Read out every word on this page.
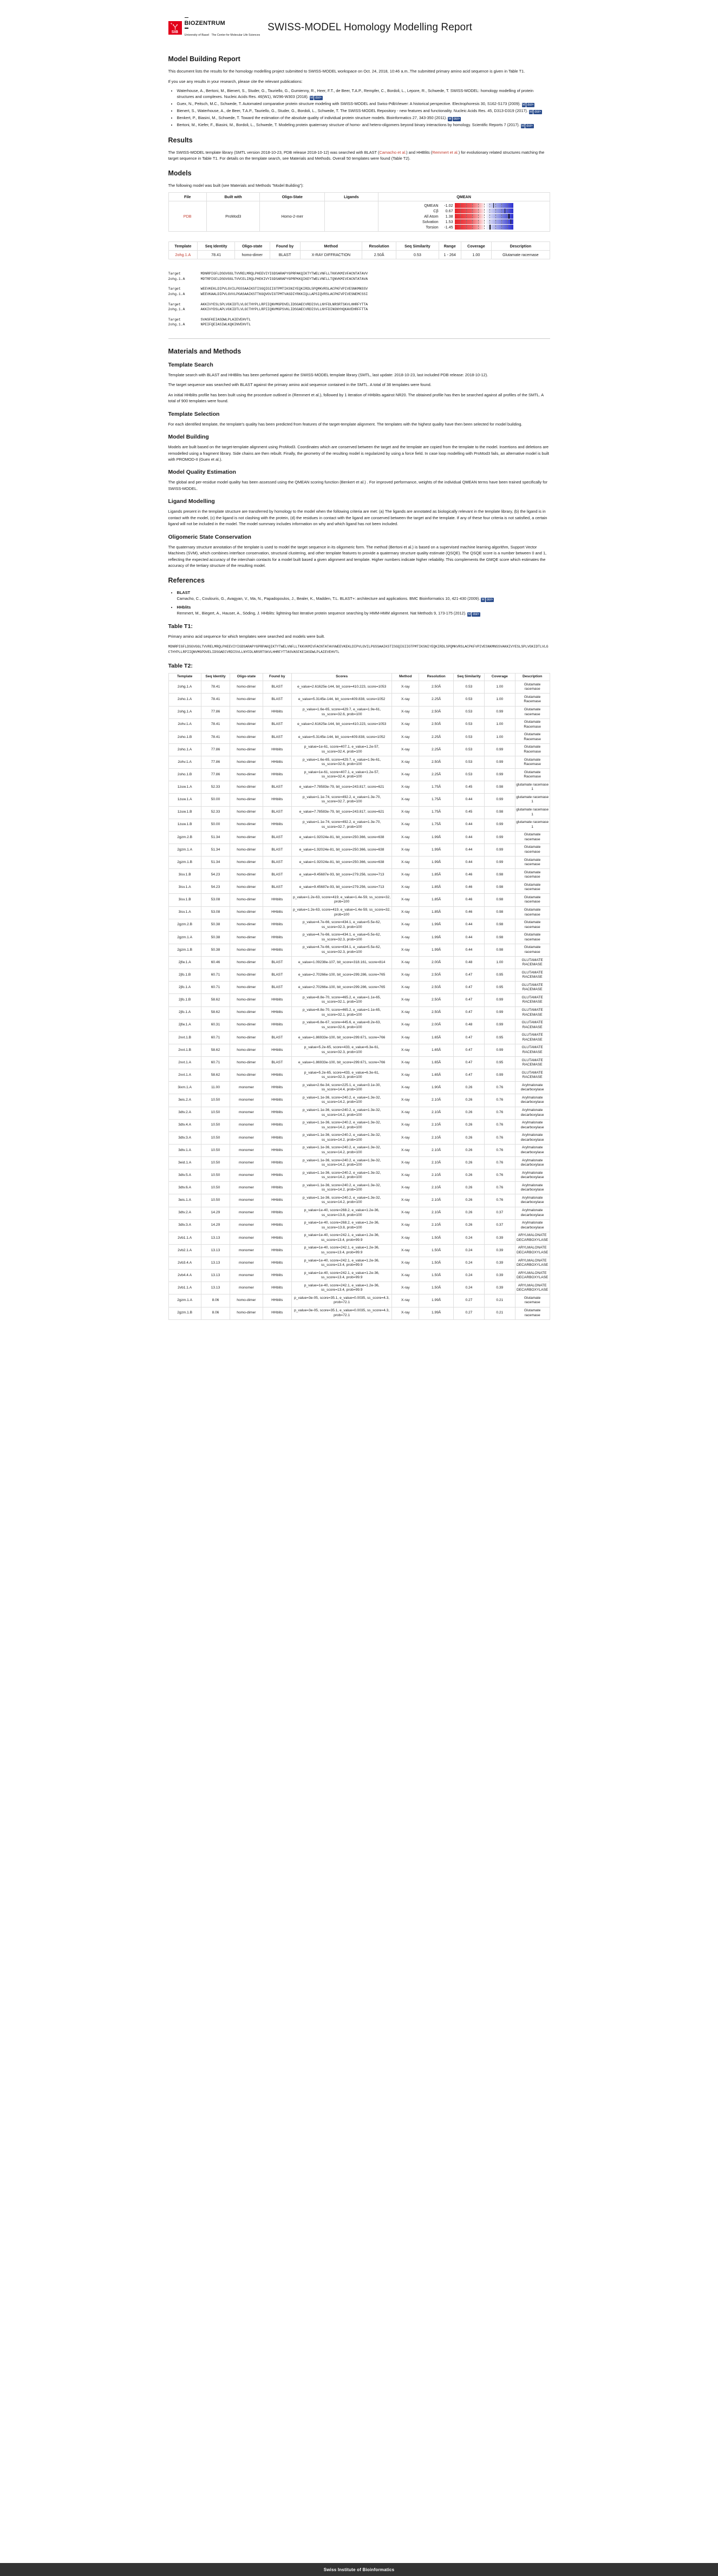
+
SIB
BIOZENTRUM
University of Basel The Center for Molecular Life Sciences
SWISS-MODEL Homology Modelling Report
Model Building Report

This document lists the results for the homology modelling project submitted to SWISS-MODEL workspace on Oct. 24, 2018, 10:46 a.m..The submitted primary amino acid sequence is given in Table T1.

If you use any results in your research, please cite the relevant publications:

• Waterhouse, A., Bertoni, M., Bienert, S., Studer, G., Tauriello, G., Gumienny, R., Heer, F.T., de Beer, T.A.P., Rempfer, C., Bordoli, L., Lepore, R., Schwede, T. SWISS-MODEL: homology modelling of protein structures and complexes. Nucleic Acids Res. 46(W1), W296-W303 (2018). M doi>
• Guex, N., Peitsch, M.C., Schwede, T. Automated comparative protein structure modeling with SWISS-MODEL and Swiss-PdbViewer: A historical perspective. Electrophoresis 30, S162-S173 (2009). M doi>
• Bienert, S., Waterhouse, A., de Beer, T.A.P., Tauriello, G., Studer, G., Bordoli, L., Schwede, T. The SWISS-MODEL Repository - new features and functionality. Nucleic Acids Res. 45, D313-D319 (2017). M doi>
• Benkert, P., Biasini, M., Schwede, T. Toward the estimation of the absolute quality of individual protein structure models. Bioinformatics 27, 343-350 (2011). M doi>
• Bertoni, M., Kiefer, F., Biasini, M., Bordoli, L., Schwede, T. Modeling protein quaternary structure of homo- and hetero-oligomers beyond binary interactions by homology. Scientific Reports 7 (2017). M doi>
Results

The SWISS-MODEL template library (SMTL version 2018-10-23, PDB release 2018-10-12) was searched with BLAST (Camacho et al.) and HHBlits (Remmert et al.) for evolutionary related structures matching the target sequence in Table T1. For details on the template search, see Materials and Methods. Overall 50 templates were found (Table T2).

Models

The following model was built (see Materials and Methods "Model Building"):

File	Built with	Oligo-State	Ligands	QMEAN
PDB	ProMod3	Homo-2-mer		
QMEAN	-1.02
Cβ	0.67
All Atom	1.38
Solvation	1.53
Torsion	-1.45
Template	Seq Identity	Oligo-state	Found by	Method	Resolution	Seq Similarity	Range	Coverage	Description
2ohg.1.A	78.41	homo-dimer	BLAST	X-RAY DIFFRACTION	2.50Å	0.53	1 - 264	1.00	Glutamate racemase
Target	MDNRPIGFLDSGVGGLTVVRELMRQLPHEEVIYIGDSARAPYGPRPAKQIKTYTWELVNFLLTKKVKMIVFACNTATAVV
2ohg.1.A	MDTRPIGFLDSGVGGLTVVCELIRQLPHEKIVYIGDSARAPYGPRPKKQIKEYTWELVNFLLTQNVKMIVFACNTATAVA
Target	WEEVKEKLDIPVLGVILPGSSAAIKSTISGQIGIIGTPMTIKSNIYEQKIRDLSPQMKVRSLACPKFVPIVESNKMNSSV
2ohg.1.A	WEEVKAALDIPVLGVVLPGASAAIKSTTKGQVGVIGTPMTVASDIYRKKIQLLAPSIQVRSLACPKFVPIVESNEMCSSI
Target	AKKIVYESLSPLVGKIDTLVLGCTHYPLLRPIIQNVMGPDVELIDSGAECVRDISVLLNYFDLNRSRTSKVLHHRFYTTA
2ohg.1.A	AKKIVYDSLAPLVGKIDTLVLGCTHYPLLRPIIQNVMGPSVKLIDSGAECVRDISVLLNYFDINGNYHQKAVEHRFFTTA
Target	SVASFKEIASDWLPLAIEVEHVTL
2ohg.1.A	NPEIFQEIASIWLKQKINVEHVTL
Materials and Methods
Template Search

Template search with BLAST and HHBlits has been performed against the SWISS-MODEL template library (SMTL, last update: 2018-10-23, last included PDB release: 2018-10-12).

The target sequence was searched with BLAST against the primary amino acid sequence contained in the SMTL. A total of 38 templates were found.

An initial HHblits profile has been built using the procedure outlined in (Remmert et al.), followed by 1 iteration of HHblits against NR20. The obtained profile has then be searched against all profiles of the SMTL. A total of 900 templates were found.

Template Selection

For each identified template, the template's quality has been predicted from features of the target-template alignment. The templates with the highest quality have then been selected for model building.

Model Building

Models are built based on the target-template alignment using ProMod3. Coordinates which are conserved between the target and the template are copied from the template to the model. Insertions and deletions are remodelled using a fragment library. Side chains are then rebuilt. Finally, the geometry of the resulting model is regularized by using a force field. In case loop modelling with ProMod3 fails, an alternative model is built with PROMOD-II (Guex et al.).

Model Quality Estimation

The global and per-residue model quality has been assessed using the QMEAN scoring function (Benkert et al.) . For improved performance, weights of the individual QMEAN terms have been trained specifically for SWISS-MODEL.

Ligand Modelling

Ligands present in the template structure are transferred by homology to the model when the following criteria are met: (a) The ligands are annotated as biologically relevant in the template library, (b) the ligand is in contact with the model, (c) the ligand is not clashing with the protein, (d) the residues in contact with the ligand are conserved between the target and the template. If any of these four criteria is not satisfied, a certain ligand will not be included in the model. The model summary includes information on why and which ligand has not been included.

Oligomeric State Conservation

The quaternary structure annotation of the template is used to model the target sequence in its oligomeric form. The method (Bertoni et al.) is based on a supervised machine learning algorithm, Support Vector Machines (SVM), which combines interface conservation, structural clustering, and other template features to provide a quaternary structure quality estimate (QSQE). The QSQE score is a number between 0 and 1, reflecting the expected accuracy of the interchain contacts for a model built based a given alignment and template. Higher numbers indicate higher reliability. This complements the GMQE score which estimates the accuracy of the tertiary structure of the resulting model.

References
• BLAST
Camacho, C., Coulouris, G., Avagyan, V., Ma, N., Papadopoulos, J., Bealer, K., Madden, T.L. BLAST+: architecture and applications. BMC Bioinformatics 10, 421-430 (2009). M doi>
• HHblits
Remmert, M., Biegert, A., Hauser, A., Söding, J. HHblits: lightning-fast iterative protein sequence searching by HMM-HMM alignment. Nat Methods 9, 173-175 (2012). M doi>
Table T1:

Primary amino acid sequence for which templates were searched and models were built.

MDNRPIGFLDSGVGGLTVVRELMRQLPHEEVIYIGDSARAPYGPRPAKQIKTYTWELVNFLLTKKVKMIVFACNTATAVVWEEVKEKLDIPVLGVILPGSSAAIKSTISGQIGIIGTPMTIKSNIYEQKIRDLSPQMKVRSLACPKFVPIVESNKMNSSVAKKIVYESLSPLVGKIDTLVLGCTHYPLLRPIIQNVMGPDVELIDSGAECVRDISVLLNYFDLNRSRTSKVLHHRFYTTASVASFKEIASDWLPLAIEVEHVTL
Table T2:
Template	Seq Identity	Oligo-state	Found by	Scores	Method	Resolution	Seq Similarity	Coverage	Description
2ohg.1.A	78.41	homo-dimer	BLAST	e_value=2.61625e-144, bit_score=410.223, score=1053	X-ray	2.50Å	0.53	1.00	Glutamate racemase
2oho.1.A	78.41	homo-dimer	BLAST	e_value=5.3145e-144, bit_score=409.838, score=1052	X-ray	2.25Å	0.53	1.00	Glutamate Racemase
2ohg.1.A	77.86	homo-dimer	HHblits	p_value=1.6e-65, score=429.7, e_value=1.9e-61, ss_score=32.6, prob=100	X-ray	2.50Å	0.53	0.99	Glutamate racemase
2ohv.1.A	78.41	homo-dimer	BLAST	e_value=2.61625e-144, bit_score=410.223, score=1053	X-ray	2.50Å	0.53	1.00	Glutamate Racemase
2oho.1.B	78.41	homo-dimer	BLAST	e_value=5.3145e-144, bit_score=409.838, score=1052	X-ray	2.25Å	0.53	1.00	Glutamate Racemase
2oho.1.A	77.86	homo-dimer	HHblits	p_value=1e-61, score=407.1, e_value=1.2e-57, ss_score=32.4, prob=100	X-ray	2.25Å	0.53	0.99	Glutamate Racemase
2ohv.1.A	77.86	homo-dimer	HHblits	p_value=1.6e-65, score=429.7, e_value=1.9e-61, ss_score=32.6, prob=100	X-ray	2.50Å	0.53	0.99	Glutamate Racemase
2oho.1.B	77.86	homo-dimer	HHblits	p_value=1e-61, score=407.1, e_value=1.2e-57, ss_score=32.4, prob=100	X-ray	2.25Å	0.53	0.99	Glutamate Racemase
1zuw.1.A	52.33	homo-dimer	BLAST	e_value=7.78583e-79, bit_score=243.817, score=621	X-ray	1.75Å	0.45	0.98	glutamate racemase 1
1zuw.1.A	50.00	homo-dimer	HHblits	p_value=1.1e-74, score=492.2, e_value=1.3e-70, ss_score=32.7, prob=100	X-ray	1.75Å	0.44	0.99	glutamate racemase 1
1zuw.1.B	52.33	homo-dimer	BLAST	e_value=7.78583e-79, bit_score=243.817, score=621	X-ray	1.75Å	0.45	0.98	glutamate racemase 1
1zuw.1.B	50.00	homo-dimer	HHblits	p_value=1.1e-74, score=492.2, e_value=1.3e-70, ss_score=32.7, prob=100	X-ray	1.75Å	0.44	0.99	glutamate racemase 1
2gzm.2.B	51.34	homo-dimer	BLAST	e_value=1.92024e-81, bit_score=250.366, score=638	X-ray	1.99Å	0.44	0.99	Glutamate racemase
2gzm.1.A	51.34	homo-dimer	BLAST	e_value=1.92024e-81, bit_score=250.366, score=638	X-ray	1.99Å	0.44	0.99	Glutamate racemase
2gzm.1.B	51.34	homo-dimer	BLAST	e_value=1.92024e-81, bit_score=250.366, score=638	X-ray	1.99Å	0.44	0.99	Glutamate racemase
3isv.1.B	54.23	homo-dimer	BLAST	e_value=9.45687e-93, bit_score=279.256, score=713	X-ray	1.85Å	0.46	0.98	Glutamate racemase
3isv.1.A	54.23	homo-dimer	BLAST	e_value=9.45687e-93, bit_score=279.256, score=713	X-ray	1.85Å	0.46	0.98	Glutamate racemase
3isv.1.B	53.08	homo-dimer	HHblits	p_value=1.2e-63, score=419, e_value=1.4e-59, ss_score=32, prob=100	X-ray	1.85Å	0.46	0.98	Glutamate racemase
3isv.1.A	53.08	homo-dimer	HHblits	p_value=1.2e-63, score=419, e_value=1.4e-59, ss_score=32, prob=100	X-ray	1.85Å	0.46	0.98	Glutamate racemase
2gzm.2.B	50.38	homo-dimer	HHblits	p_value=4.7e-66, score=434.1, e_value=5.5e-62, ss_score=32.3, prob=100	X-ray	1.99Å	0.44	0.98	Glutamate racemase
2gzm.1.A	50.38	homo-dimer	HHblits	p_value=4.7e-66, score=434.1, e_value=5.5e-62, ss_score=32.3, prob=100	X-ray	1.99Å	0.44	0.98	Glutamate racemase
2gzm.1.B	50.38	homo-dimer	HHblits	p_value=4.7e-66, score=434.1, e_value=5.5e-62, ss_score=32.3, prob=100	X-ray	1.99Å	0.44	0.98	Glutamate racemase
2jfw.1.A	60.46	homo-dimer	BLAST	e_value=1.09238e-107, bit_score=318.161, score=814	X-ray	2.00Å	0.48	1.00	GLUTAMATE RACEMASE
2jfo.1.B	60.71	homo-dimer	BLAST	e_value=2.70266e-100, bit_score=299.286, score=765	X-ray	2.50Å	0.47	0.95	GLUTAMATE RACEMASE
2jfo.1.A	60.71	homo-dimer	BLAST	e_value=2.70266e-100, bit_score=299.286, score=765	X-ray	2.50Å	0.47	0.95	GLUTAMATE RACEMASE
2jfo.1.B	58.62	homo-dimer	HHblits	p_value=8.8e-70, score=465.2, e_value=1.1e-65, ss_score=32.1, prob=100	X-ray	2.50Å	0.47	0.99	GLUTAMATE RACEMASE
2jfo.1.A	58.62	homo-dimer	HHblits	p_value=8.8e-70, score=465.2, e_value=1.1e-65, ss_score=32.1, prob=100	X-ray	2.50Å	0.47	0.99	GLUTAMATE RACEMASE
2jfw.1.A	60.31	homo-dimer	HHblits	p_value=6.8e-67, score=445.6, e_value=8.2e-63, ss_score=32.6, prob=100	X-ray	2.00Å	0.48	0.99	GLUTAMATE RACEMASE
2vvt.1.B	60.71	homo-dimer	BLAST	e_value=1.86933e-100, bit_score=299.671, score=766	X-ray	1.65Å	0.47	0.95	GLUTAMATE RACEMASE
2vvt.1.B	58.62	homo-dimer	HHblits	p_value=5.2e-65, score=433, e_value=6.3e-61, ss_score=32.3, prob=100	X-ray	1.65Å	0.47	0.99	GLUTAMATE RACEMASE
2vvt.1.A	60.71	homo-dimer	BLAST	e_value=1.86933e-100, bit_score=299.671, score=766	X-ray	1.65Å	0.47	0.95	GLUTAMATE RACEMASE
2vvt.1.A	58.62	homo-dimer	HHblits	p_value=5.2e-65, score=433, e_value=6.3e-61, ss_score=32.3, prob=100	X-ray	1.65Å	0.47	0.99	GLUTAMATE RACEMASE
3ixm.1.A	11.00	monomer	HHblits	p_value=2.6e-34, score=225.1, e_value=3.1e-30, ss_score=14.4, prob=100	X-ray	1.90Å	0.26	0.76	Arylmalonate decarboxylase
3eis.2.A	10.50	monomer	HHblits	p_value=1.1e-36, score=240.2, e_value=1.3e-32, ss_score=14.2, prob=100	X-ray	2.10Å	0.26	0.76	Arylmalonate decarboxylase
3dtv.2.A	10.50	monomer	HHblits	p_value=1.1e-36, score=240.2, e_value=1.3e-32, ss_score=14.2, prob=100	X-ray	2.10Å	0.26	0.76	Arylmalonate decarboxylase
3dtv.4.A	10.50	monomer	HHblits	p_value=1.1e-36, score=240.2, e_value=1.3e-32, ss_score=14.2, prob=100	X-ray	2.10Å	0.26	0.76	Arylmalonate decarboxylase
3dtv.3.A	10.50	monomer	HHblits	p_value=1.1e-36, score=240.2, e_value=1.3e-32, ss_score=14.2, prob=100	X-ray	2.10Å	0.26	0.76	Arylmalonate decarboxylase
3dtv.1.A	10.50	monomer	HHblits	p_value=1.1e-36, score=240.2, e_value=1.3e-32, ss_score=14.2, prob=100	X-ray	2.10Å	0.26	0.76	Arylmalonate decarboxylase
3eid.1.A	10.50	monomer	HHblits	p_value=1.1e-36, score=240.2, e_value=1.3e-32, ss_score=14.2, prob=100	X-ray	2.10Å	0.26	0.76	Arylmalonate decarboxylase
3dtv.5.A	10.50	monomer	HHblits	p_value=1.1e-36, score=240.2, e_value=1.3e-32, ss_score=14.2, prob=100	X-ray	2.10Å	0.26	0.76	Arylmalonate decarboxylase
3dtv.6.A	10.50	monomer	HHblits	p_value=1.1e-36, score=240.2, e_value=1.3e-32, ss_score=14.2, prob=100	X-ray	2.10Å	0.26	0.76	Arylmalonate decarboxylase
3eis.1.A	10.50	monomer	HHblits	p_value=1.1e-36, score=240.2, e_value=1.3e-32, ss_score=14.2, prob=100	X-ray	2.10Å	0.26	0.76	Arylmalonate decarboxylase
3dtv.2.A	14.29	monomer	HHblits	p_value=1e-40, score=268.2, e_value=1.2e-36, ss_score=13.8, prob=100	X-ray	2.10Å	0.26	0.37	Arylmalonate decarboxylase
3dtv.3.A	14.29	monomer	HHblits	p_value=1e-40, score=268.2, e_value=1.2e-36, ss_score=13.8, prob=100	X-ray	2.10Å	0.26	0.37	Arylmalonate decarboxylase
2vb1.1.A	13.13	monomer	HHblits	p_value=1e-40, score=242.1, e_value=1.2e-36, ss_score=13.4, prob=99.9	X-ray	1.50Å	0.24	0.39	ARYLMALONATE DECARBOXYLASE
2vb2.1.A	13.13	monomer	HHblits	p_value=1e-40, score=242.1, e_value=1.2e-36, ss_score=13.4, prob=99.9	X-ray	1.50Å	0.24	0.39	ARYLMALONATE DECARBOXYLASE
2vb3.4.A	13.13	monomer	HHblits	p_value=1e-40, score=242.1, e_value=1.2e-36, ss_score=13.4, prob=99.9	X-ray	1.50Å	0.24	0.39	ARYLMALONATE DECARBOXYLASE
2vb4.4.A	13.13	monomer	HHblits	p_value=1e-40, score=242.1, e_value=1.2e-36, ss_score=13.4, prob=99.9	X-ray	1.50Å	0.24	0.39	ARYLMALONATE DECARBOXYLASE
2vb1.1.A	13.13	monomer	HHblits	p_value=1e-40, score=242.1, e_value=1.2e-36, ss_score=13.4, prob=99.9	X-ray	1.50Å	0.24	0.39	ARYLMALONATE DECARBOXYLASE
2gzm.1.A	8.06	homo-dimer	HHblits	p_value=3e-05, score=35.1, e_value=0.0035, ss_score=4.3, prob=72.1	X-ray	1.99Å	0.27	0.21	Glutamate racemase
2gzm.1.B	8.06	homo-dimer	HHblits	p_value=3e-05, score=35.1, e_value=0.0035, ss_score=4.3, prob=72.1	X-ray	1.99Å	0.27	0.21	Glutamate racemase
Swiss Institute of Bioinformatics
